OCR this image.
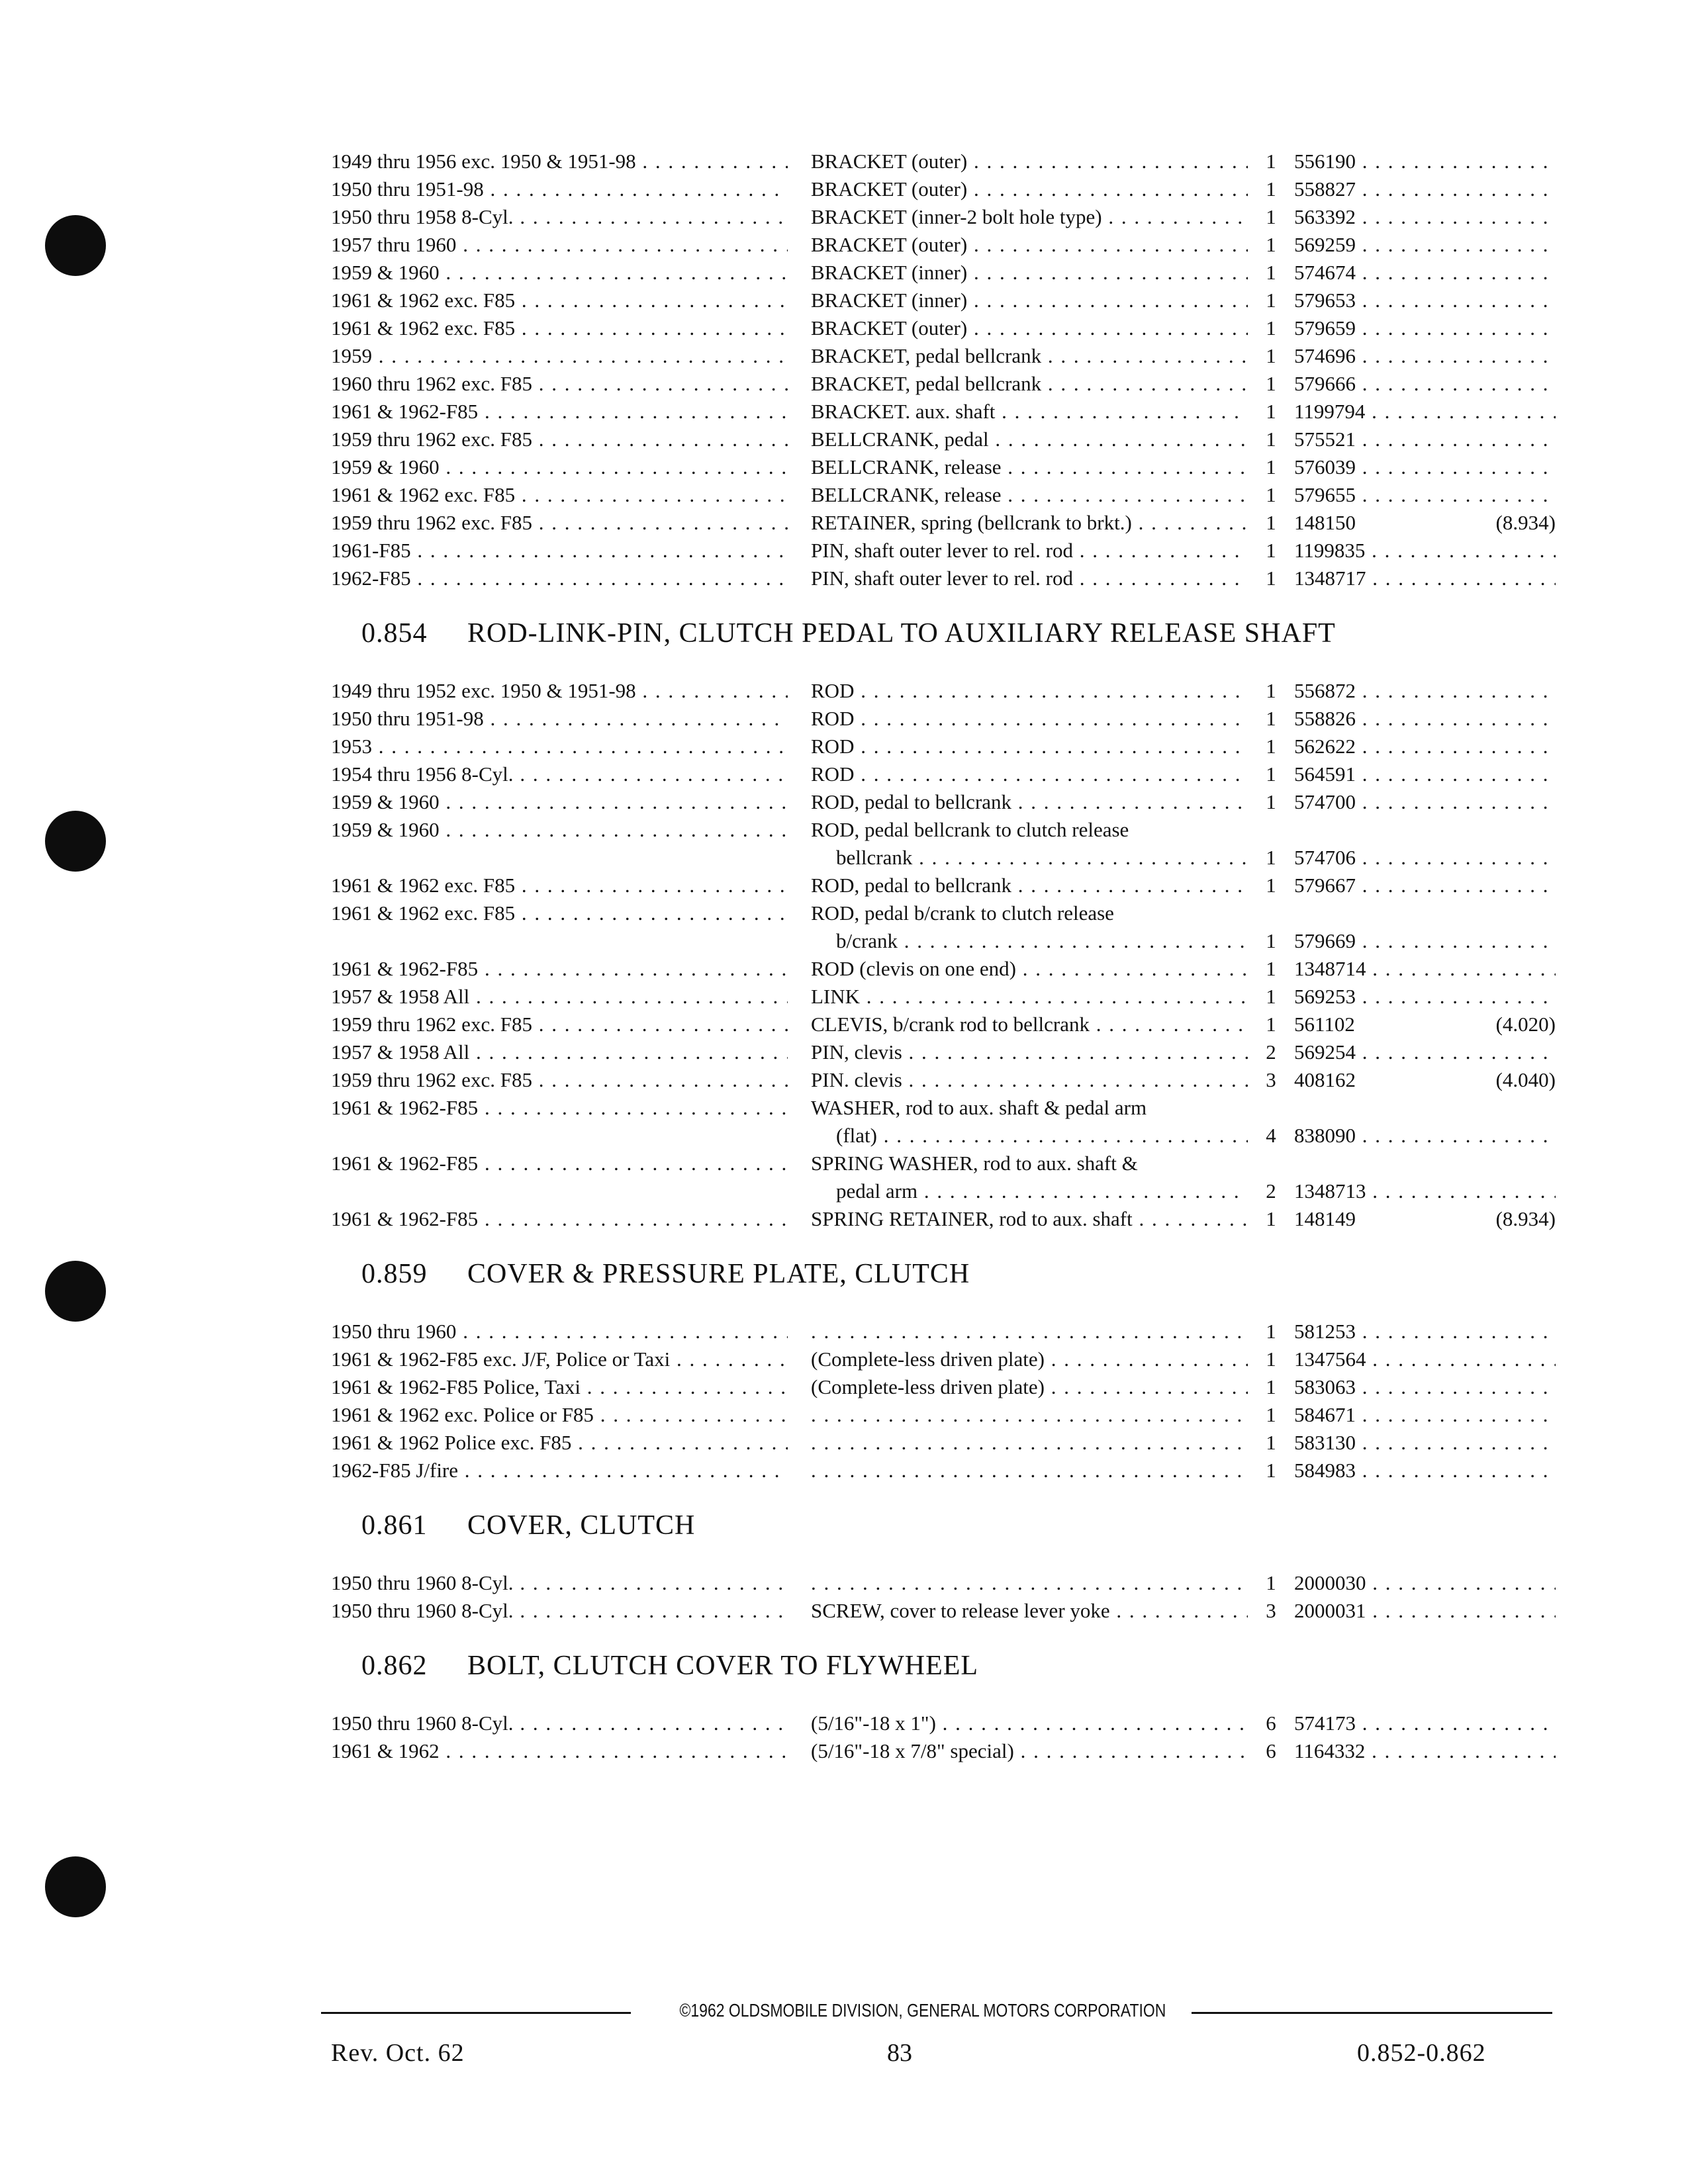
1949 thru 1956 exc. 1950 & 1951-98 . . .	BRACKET (outer) . . .	1 556190 . . .
1950 thru 1951-98 . . .	BRACKET (outer) . . .	1 558827 . . .
1950 thru 1958 8-Cyl. . . .	BRACKET (inner-2 bolt hole type) . . .	1 563392 . . .
1957 thru 1960 . . .	BRACKET (outer) . . .	1 569259 . . .
1959 & 1960 . . .	BRACKET (inner) . . .	1 574674 . . .
1961 & 1962 exc. F85 . . .	BRACKET (inner) . . .	1 579653 . . .
1961 & 1962 exc. F85 . . .	BRACKET (outer) . . .	1 579659 . . .
1959 . . .	BRACKET, pedal bellcrank . . .	1 574696 . . .
1960 thru 1962 exc. F85 . . .	BRACKET, pedal bellcrank . . .	1 579666 . . .
1961 & 1962-F85 . . .	BRACKET. aux. shaft . . .	1 1199794 . . .
1959 thru 1962 exc. F85 . . .	BELLCRANK, pedal . . .	1 575521 . . .
1959 & 1960 . . .	BELLCRANK, release . . .	1 576039 . . .
1961 & 1962 exc. F85 . . .	BELLCRANK, release . . .	1 579655 . . .
1959 thru 1962 exc. F85 . . .	RETAINER, spring (bellcrank to brkt.) . . .	1 148150	(8.934)
1961-F85 . . .	PIN, shaft outer lever to rel. rod . . .	1 1199835 . . .
1962-F85 . . .	PIN, shaft outer lever to rel. rod . . .	1 1348717 . . .
0.854 ROD-LINK-PIN, CLUTCH PEDAL TO AUXILIARY RELEASE SHAFT
1949 thru 1952 exc. 1950 & 1951-98 . . .	ROD . . .	1 556872 . . .
1950 thru 1951-98 . . .	ROD . . .	1 558826 . . .
1953 . . .	ROD . . .	1 562622 . . .
1954 thru 1956 8-Cyl. . . .	ROD . . .	1 564591 . . .
1959 & 1960 . . .	ROD, pedal to bellcrank . . .	1 574700 . . .
1959 & 1960 . . .	ROD, pedal bellcrank to clutch release
bellcrank . . .	1 574706 . . .
1961 & 1962 exc. F85 . . .	ROD, pedal to bellcrank . . .	1 579667 . . .
1961 & 1962 exc. F85 . . .	ROD, pedal b/crank to clutch release
b/crank . . .	1 579669 . . .
1961 & 1962-F85 . . .	ROD (clevis on one end) . . .	1 1348714 . . .
1957 & 1958 All . . .	LINK . . .	1 569253 . . .
1959 thru 1962 exc. F85 . . .	CLEVIS, b/crank rod to bellcrank . . .	1 561102	(4.020)
1957 & 1958 All . . .	PIN, clevis . . .	2 569254 . . .
1959 thru 1962 exc. F85 . . .	PIN. clevis . . .	3 408162	(4.040)
1961 & 1962-F85 . . .	WASHER, rod to aux. shaft & pedal arm
(flat) . . .	4 838090 . . .
1961 & 1962-F85 . . .	SPRING WASHER, rod to aux. shaft &
pedal arm . . .	2 1348713 . . .
1961 & 1962-F85 . . .	SPRING RETAINER, rod to aux. shaft . . .	1 148149	(8.934)
0.859 COVER & PRESSURE PLATE, CLUTCH
1950 thru 1960 . . . . . .	1 581253 . . .
1961 & 1962-F85 exc. J/F, Police or Taxi . . .	(Complete-less driven plate) . . .	1 1347564 . . .
1961 & 1962-F85 Police, Taxi . . .	(Complete-less driven plate) . . .	1 583063 . . .
1961 & 1962 exc. Police or F85 . . . . . .	1 584671 . . .
1961 & 1962 Police exc. F85 . . . . . .	1 583130 . . .
1962-F85 J/fire . . . . . .	1 584983 . . .
0.861 COVER, CLUTCH
1950 thru 1960 8-Cyl. . . . . . .	1 2000030 . . .
1950 thru 1960 8-Cyl. . . .	SCREW, cover to release lever yoke . . .	3 2000031 . . .
0.862 BOLT, CLUTCH COVER TO FLYWHEEL
1950 thru 1960 8-Cyl. . . .	(5/16"-18 x 1") . . .	6 574173 . . .
1961 & 1962 . . .	(5/16"-18 x 7/8" special) . . .	6 1164332 . . .
©1962 OLDSMOBILE DIVISION, GENERAL MOTORS CORPORATION
Rev. Oct. 62	83	0.852-0.862
